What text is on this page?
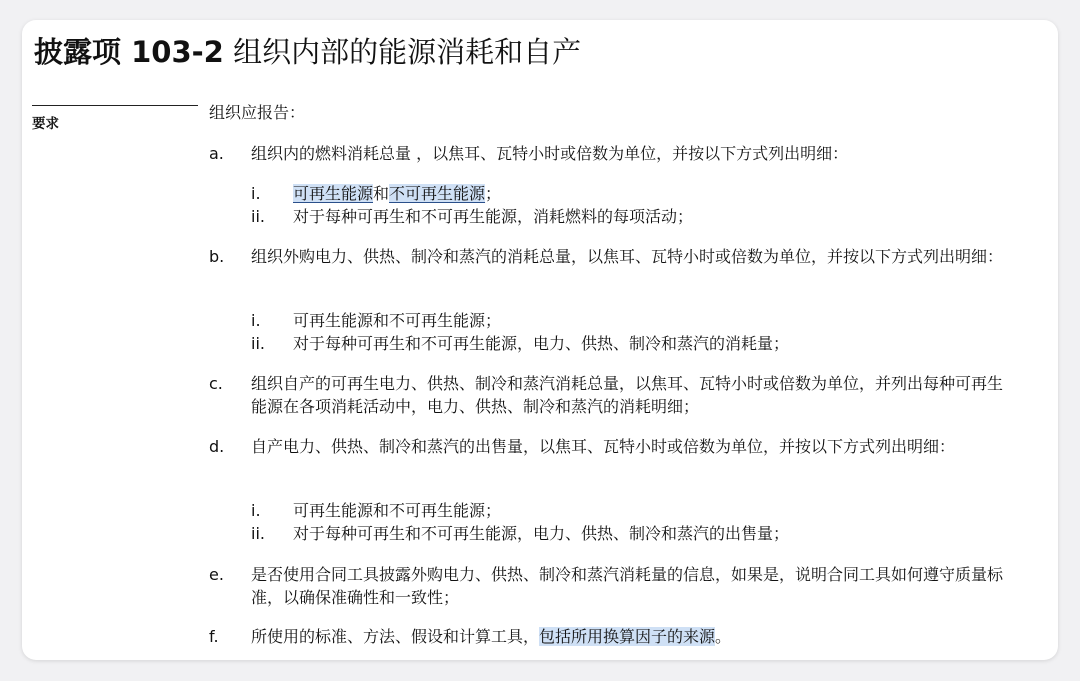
披露项 103-2 组织内部的能源消耗和自产
要求
组织应报告：
a.	组织内的燃料消耗总量 ，以焦耳、瓦特小时或倍数为单位，并按以下方式列出明细：
i. 可再生能源和不可再生能源；
ii. 对于每种可再生和不可再生能源，消耗燃料的每项活动；
b.	组织外购电力、供热、制冷和蒸汽的消耗总量，以焦耳、瓦特小时或倍数为单位，并按以下方式列出明细：
i. 可再生能源和不可再生能源；
ii. 对于每种可再生和不可再生能源，电力、供热、制冷和蒸汽的消耗量；
c.	组织自产的可再生电力、供热、制冷和蒸汽消耗总量，以焦耳、瓦特小时或倍数为单位，并列出每种可再生能源在各项消耗活动中，电力、供热、制冷和蒸汽的消耗明细；
d.	自产电力、供热、制冷和蒸汽的出售量，以焦耳、瓦特小时或倍数为单位，并按以下方式列出明细：
i. 可再生能源和不可再生能源；
ii. 对于每种可再生和不可再生能源，电力、供热、制冷和蒸汽的出售量；
e.	是否使用合同工具披露外购电力、供热、制冷和蒸汽消耗量的信息，如果是，说明合同工具如何遵守质量标准，以确保准确性和一致性；
f.	所使用的标准、方法、假设和计算工具，包括所用换算因子的来源。
